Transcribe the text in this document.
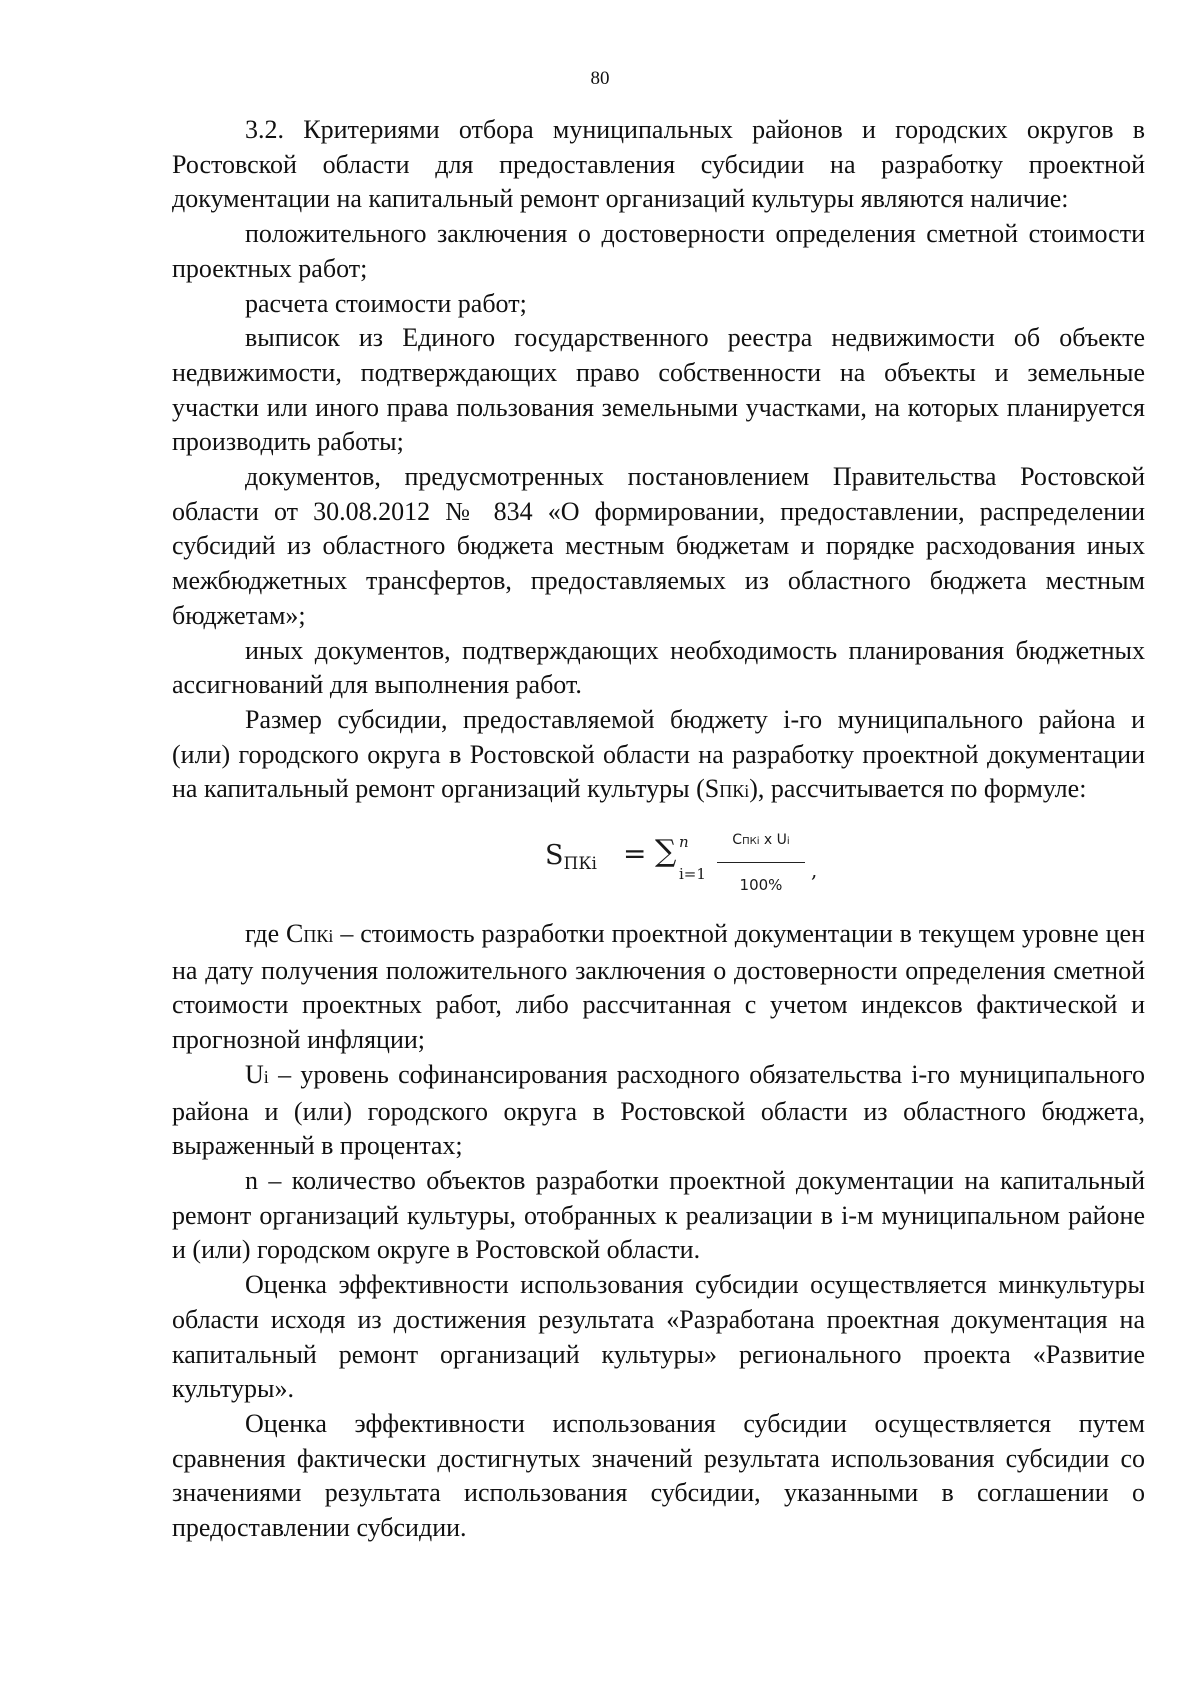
80

3.2. Критериями отбора муниципальных районов и городских округов в Ростовской области для предоставления субсидии на разработку проектной документации на капитальный ремонт организаций культуры являются наличие:

положительного заключения о достоверности определения сметной стоимости проектных работ;

расчета стоимости работ;

выписок из Единого государственного реестра недвижимости об объекте недвижимости, подтверждающих право собственности на объекты и земельные участки или иного права пользования земельными участками, на которых планируется производить работы;

документов, предусмотренных постановлением Правительства Ростовской области от 30.08.2012 № 834 «О формировании, предоставлении, распределении субсидий из областного бюджета местным бюджетам и порядке расходования иных межбюджетных трансфертов, предоставляемых из областного бюджета местным бюджетам»;

иных документов, подтверждающих необходимость планирования бюджетных ассигнований для выполнения работ.

Размер субсидии, предоставляемой бюджету i-го муниципального района и (или) городского округа в Ростовской области на разработку проектной документации на капитальный ремонт организаций культуры (SПКi), рассчитывается по формуле:

SПКi = ∑ n
i=1
CПКi x Ui
100%
,

где CПКi – стоимость разработки проектной документации в текущем уровне цен на дату получения положительного заключения о достоверности определения сметной стоимости проектных работ, либо рассчитанная с учетом индексов фактической и прогнозной инфляции;

Ui – уровень софинансирования расходного обязательства i-го муниципального района и (или) городского округа в Ростовской области из областного бюджета, выраженный в процентах;

n – количество объектов разработки проектной документации на капитальный ремонт организаций культуры, отобранных к реализации в i-м муниципальном районе и (или) городском округе в Ростовской области.

Оценка эффективности использования субсидии осуществляется минкультуры области исходя из достижения результата «Разработана проектная документация на капитальный ремонт организаций культуры» регионального проекта «Развитие культуры».

Оценка эффективности использования субсидии осуществляется путем сравнения фактически достигнутых значений результата использования субсидии со значениями результата использования субсидии, указанными в соглашении о предоставлении субсидии.
